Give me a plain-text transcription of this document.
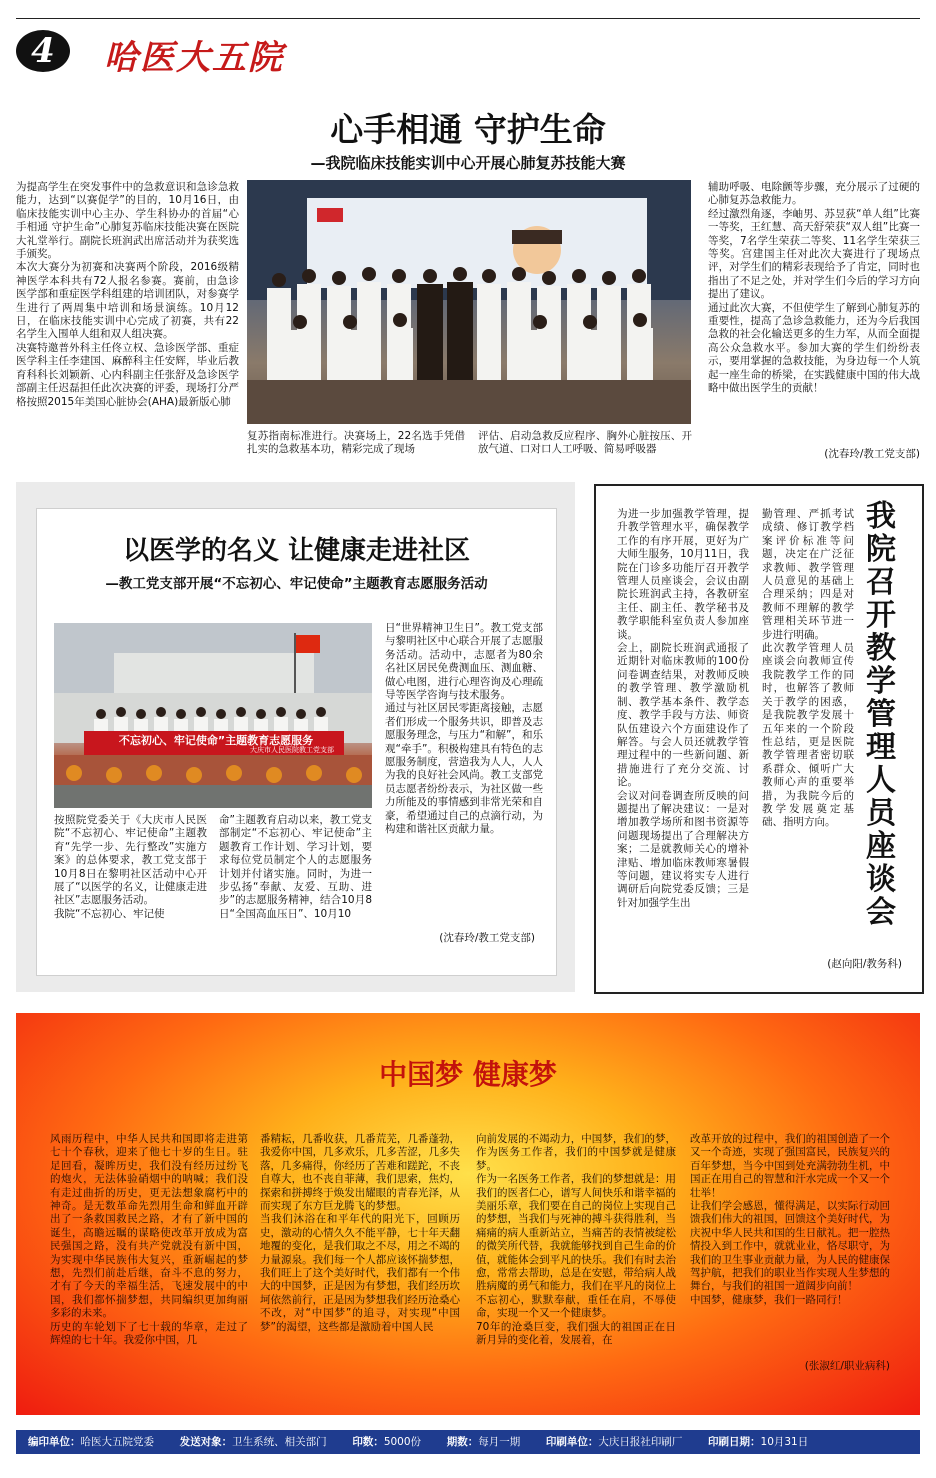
4	哈医大五院
心手相通 守护生命
—我院临床技能实训中心开展心肺复苏技能大赛
为提高学生在突发事件中的急救意识和急诊急救能力，达到“以赛促学”的目的，10月16日，由临床技能实训中心主办、学生科协办的首届“心手相通 守护生命”心肺复苏临床技能决赛在医院大礼堂举行。副院长班润武出席活动并为获奖选手颁奖。
本次大赛分为初赛和决赛两个阶段，2016级精神医学本科共有72人报名参赛。赛前，由急诊医学部和重症医学科组建的培训团队，对参赛学生进行了两周集中培训和场景演练。10月12日，在临床技能实训中心完成了初赛，共有22名学生入围单人组和双人组决赛。
决赛特邀普外科主任佟立权、急诊医学部、重症医学科主任李建国、麻醉科主任安辉，毕业后教育科科长刘颖新、心内科副主任张舒及急诊医学部副主任迟磊担任此次决赛的评委，现场打分严格按照2015年美国心脏协会(AHA)最新版心肺
复苏指南标准进行。决赛场上，22名选手凭借扎实的急救基本功，精彩完成了现场
评估、启动急救反应程序、胸外心脏按压、开放气道、口对口人工呼吸、简易呼吸器
辅助呼吸、电除颤等步骤，充分展示了过硬的心肺复苏急救能力。
经过激烈角逐，李岫男、苏昱荻“单人组”比赛一等奖，王红慧、高天舒荣获“双人组”比赛一等奖，7名学生荣获二等奖、11名学生荣获三等奖。宫建国主任对此次大赛进行了现场点评，对学生们的精彩表现给予了肯定，同时也指出了不足之处，并对学生们今后的学习方向提出了建议。
通过此次大赛，不但使学生了解到心肺复苏的重要性，提高了急诊急救能力，还为今后我国急救的社会化输送更多的生力军，从而全面提高公众急救水平。参加大赛的学生们纷纷表示，要用掌握的急救技能，为身边每一个人筑起一座生命的桥梁，在实践健康中国的伟大战略中做出医学生的贡献！
(沈春玲/教工党支部)
以医学的名义 让健康走进社区
—教工党支部开展“不忘初心、牢记使命”主题教育志愿服务活动
不忘初心、牢记使命”主题教育志愿服务
大庆市人民医院教工党支部
日“世界精神卫生日”。教工党支部与黎明社区中心联合开展了志愿服务活动。活动中，志愿者为80余名社区居民免费测血压、测血糖、做心电图，进行心理咨询及心理疏导等医学咨询与技术服务。
通过与社区居民零距离接触，志愿者们形成一个服务共识，即普及志愿服务理念，与压力“和解”，和乐观“牵手”。积极构建具有特色的志愿服务制度，营造我为人人，人人为我的良好社会风尚。教工支部党员志愿者纷纷表示，为社区做一些力所能及的事情感到非常光荣和自豪，希望通过自己的点滴行动，为构建和谐社区贡献力量。
按照院党委关于《大庆市人民医院“不忘初心、牢记使命”主题教育“先学一步、先行整改”实施方案》的总体要求，教工党支部于10月8日在黎明社区活动中心开展了“以医学的名义，让健康走进社区”志愿服务活动。
我院“不忘初心、牢记使
命”主题教育启动以来，教工党支部制定“不忘初心、牢记使命”主题教育工作计划、学习计划，要求每位党员制定个人的志愿服务计划并付诸实施。同时，为进一步弘扬“奉献、友爱、互助、进步”的志愿服务精神，结合10月8日“全国高血压日”、10月10
(沈春玲/教工党支部)
我院召开教学管理人员座谈会
为进一步加强教学管理，提升教学管理水平，确保教学工作的有序开展，更好为广大师生服务，10月11日，我院在门诊多功能厅召开教学管理人员座谈会，会议由副院长班润武主持，各教研室主任、副主任、教学秘书及教学职能科室负责人参加座谈。
会上，副院长班润武通报了近期针对临床教师的100份问卷调查结果，对教师反映的教学管理、教学激励机制、教学基本条件、教学态度、教学手段与方法、师资队伍建设六个方面建设作了解答。与会人员还就教学管理过程中的一些新问题、新措施进行了充分交流、讨论。
会议对问卷调查所反映的问题提出了解决建议：一是对增加教学场所和图书资源等问题现场提出了合理解决方案；二是就教师关心的增补津贴、增加临床教师寒暑假等问题，建议将实专人进行调研后向院党委反馈；三是针对加强学生出
勤管理、严抓考试成绩、修订教学档案评价标准等问题，决定在广泛征求教师、教学管理人员意见的基础上合理采纳；四是对教师不理解的教学管理相关环节进一步进行明确。
此次教学管理人员座谈会向教师宣传我院教学工作的同时，也解答了教师关于教学的困惑，是我院教学发展十五年来的一个阶段性总结，更是医院教学管理者密切联系群众、倾听广大教师心声的重要举措，为我院今后的教学发展奠定基础、指明方向。
(赵向阳/教务科)
中国梦 健康梦
风雨历程中，中华人民共和国即将走进第七十个春秋，迎来了他七十岁的生日。驻足回看，凝眸历史，我们没有经历过纷飞的炮火，无法体验硝烟中的呐喊；我们没有走过曲折的历史，更无法想象腐朽中的神奇。是无数革命先烈用生命和鲜血开辟出了一条救国救民之路，才有了新中国的诞生，高瞻远瞩的谋略使改革开放成为富民强国之路，没有共产党就没有新中国，为实现中华民族伟大复兴，重新崛起的梦想，先烈们前赴后继，奋斗不息的努力，才有了今天的幸福生活，飞速发展中的中国，我们都怀揣梦想，共同编织更加绚丽多彩的未来。
历史的车轮划下了七十载的华章，走过了辉煌的七十年。我爱你中国，几
番精耘，几番收获，几番荒芜，几番蓬勃，我爱你中国，几多欢乐，几多苦涩，几多失落，几多痛得，你经历了苦难和蹉跎，不丧自尊大，也不丧自菲薄，我们思索，焦灼，探索和拼搏终于焕发出耀眼的青春光泽，从而实现了东方巨龙腾飞的梦想。
当我们沐浴在和平年代的阳光下，回顾历史，激动的心情久久不能平静，七十年天翻地覆的变化，是我们取之不尽，用之不竭的力量源泉。我们每一个人都应该怀揣梦想，我们旺上了这个美好时代，我们都有一个伟大的中国梦，正是因为有梦想，我们经历坎坷依然前行，正是因为梦想我们经历沧桑心不改，对“中国梦”的追寻，对实现“中国梦”的渴望，这些都是激励着中国人民
向前发展的不竭动力，中国梦，我们的梦，作为医务工作者，我们的中国梦就是健康梦。
作为一名医务工作者，我们的梦想就是：用我们的医者仁心，谱写人间快乐和谐幸福的美丽乐章，我们要在自己的岗位上实现自己的梦想，当我们与死神的搏斗获得胜利，当痛痛的病人重新站立，当痛苦的表情被绽松的微笑所代替，我就能够找到自己生命的价值，就能体会到平凡的快乐。我们有时去治愈，常常去帮助，总是在安慰，带给病人战胜病魔的勇气和能力，我们在平凡的岗位上不忘初心，默默奉献，重任在肩，不辱使命，实现一个又一个健康梦。
70年的沧桑巨变，我们强大的祖国正在日新月异的变化着，发展着，在
改革开放的过程中，我们的祖国创造了一个又一个奇迹，实现了强国富民，民族复兴的百年梦想，当今中国到处充满勃勃生机，中国正在用自己的智慧和汗水完成一个又一个壮举！
让我们学会感恩，懂得满足，以实际行动回馈我们伟大的祖国，回馈这个美好时代，为庆祝中华人民共和国的生日献礼。把一腔热情投入到工作中，就就业业，恪尽职守，为我们的卫生事业贡献力量，为人民的健康保驾护航，把我们的职业当作实现人生梦想的舞台，与我们的祖国一道阔步向前！
中国梦，健康梦，我们一路同行！
(张淑红/职业病科)
编印单位：哈医大五院党委 发送对象：卫生系统、相关部门 印数：5000份 期数：每月一期 印刷单位：大庆日报社印刷厂 印刷日期：10月31日
